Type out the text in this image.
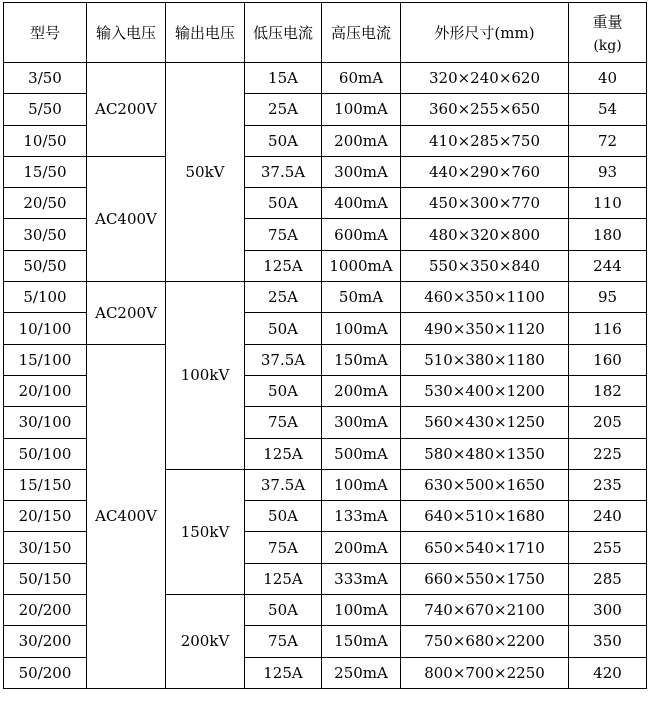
型号	输入电压	输出电压	低压电流	高压电流	外形尺寸(mm)	重量
(kg)

3/50	AC200V	50kV	15A	60mA	320×240×620	40
5/50			25A	100mA	360×255×650	54
10/50			50A	200mA	410×285×750	72
15/50	AC400V		37.5A	300mA	440×290×760	93
20/50			50A	400mA	450×300×770	110
30/50			75A	600mA	480×320×800	180
50/50			125A	1000mA	550×350×840	244
5/100	AC200V	100kV	25A	50mA	460×350×1100	95
10/100			50A	100mA	490×350×1120	116
15/100	AC400V		37.5A	150mA	510×380×1180	160
20/100			50A	200mA	530×400×1200	182
30/100			75A	300mA	560×430×1250	205
50/100			125A	500mA	580×480×1350	225
15/150		150kV	37.5A	100mA	630×500×1650	235
20/150			50A	133mA	640×510×1680	240
30/150			75A	200mA	650×540×1710	255
50/150			125A	333mA	660×550×1750	285
20/200		200kV	50A	100mA	740×670×2100	300
30/200			75A	150mA	750×680×2200	350
50/200			125A	250mA	800×700×2250	420
